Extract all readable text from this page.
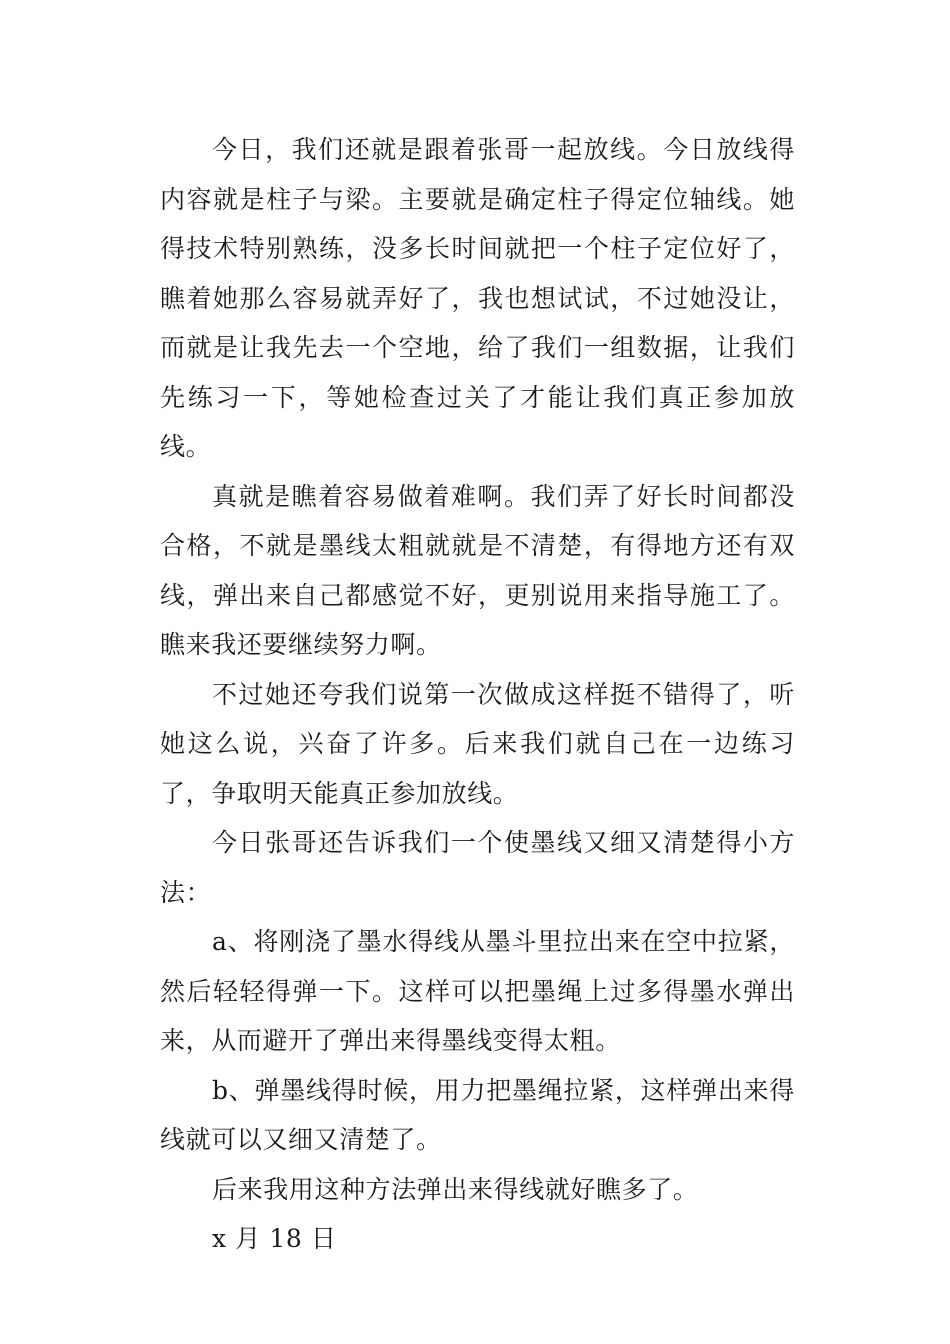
今日，我们还就是跟着张哥一起放线。今日放线得内容就是柱子与梁。主要就是确定柱子得定位轴线。她得技术特别熟练，没多长时间就把一个柱子定位好了，瞧着她那么容易就弄好了，我也想试试，不过她没让，而就是让我先去一个空地，给了我们一组数据，让我们先练习一下，等她检查过关了才能让我们真正参加放线。

真就是瞧着容易做着难啊。我们弄了好长时间都没合格，不就是墨线太粗就就是不清楚，有得地方还有双线，弹出来自己都感觉不好，更别说用来指导施工了。瞧来我还要继续努力啊。

不过她还夸我们说第一次做成这样挺不错得了，听她这么说，兴奋了许多。后来我们就自己在一边练习了，争取明天能真正参加放线。

今日张哥还告诉我们一个使墨线又细又清楚得小方法：

a、将刚浇了墨水得线从墨斗里拉出来在空中拉紧，然后轻轻得弹一下。这样可以把墨绳上过多得墨水弹出来，从而避开了弹出来得墨线变得太粗。

b、弹墨线得时候，用力把墨绳拉紧，这样弹出来得线就可以又细又清楚了。

后来我用这种方法弹出来得线就好瞧多了。

x 月 18 日
